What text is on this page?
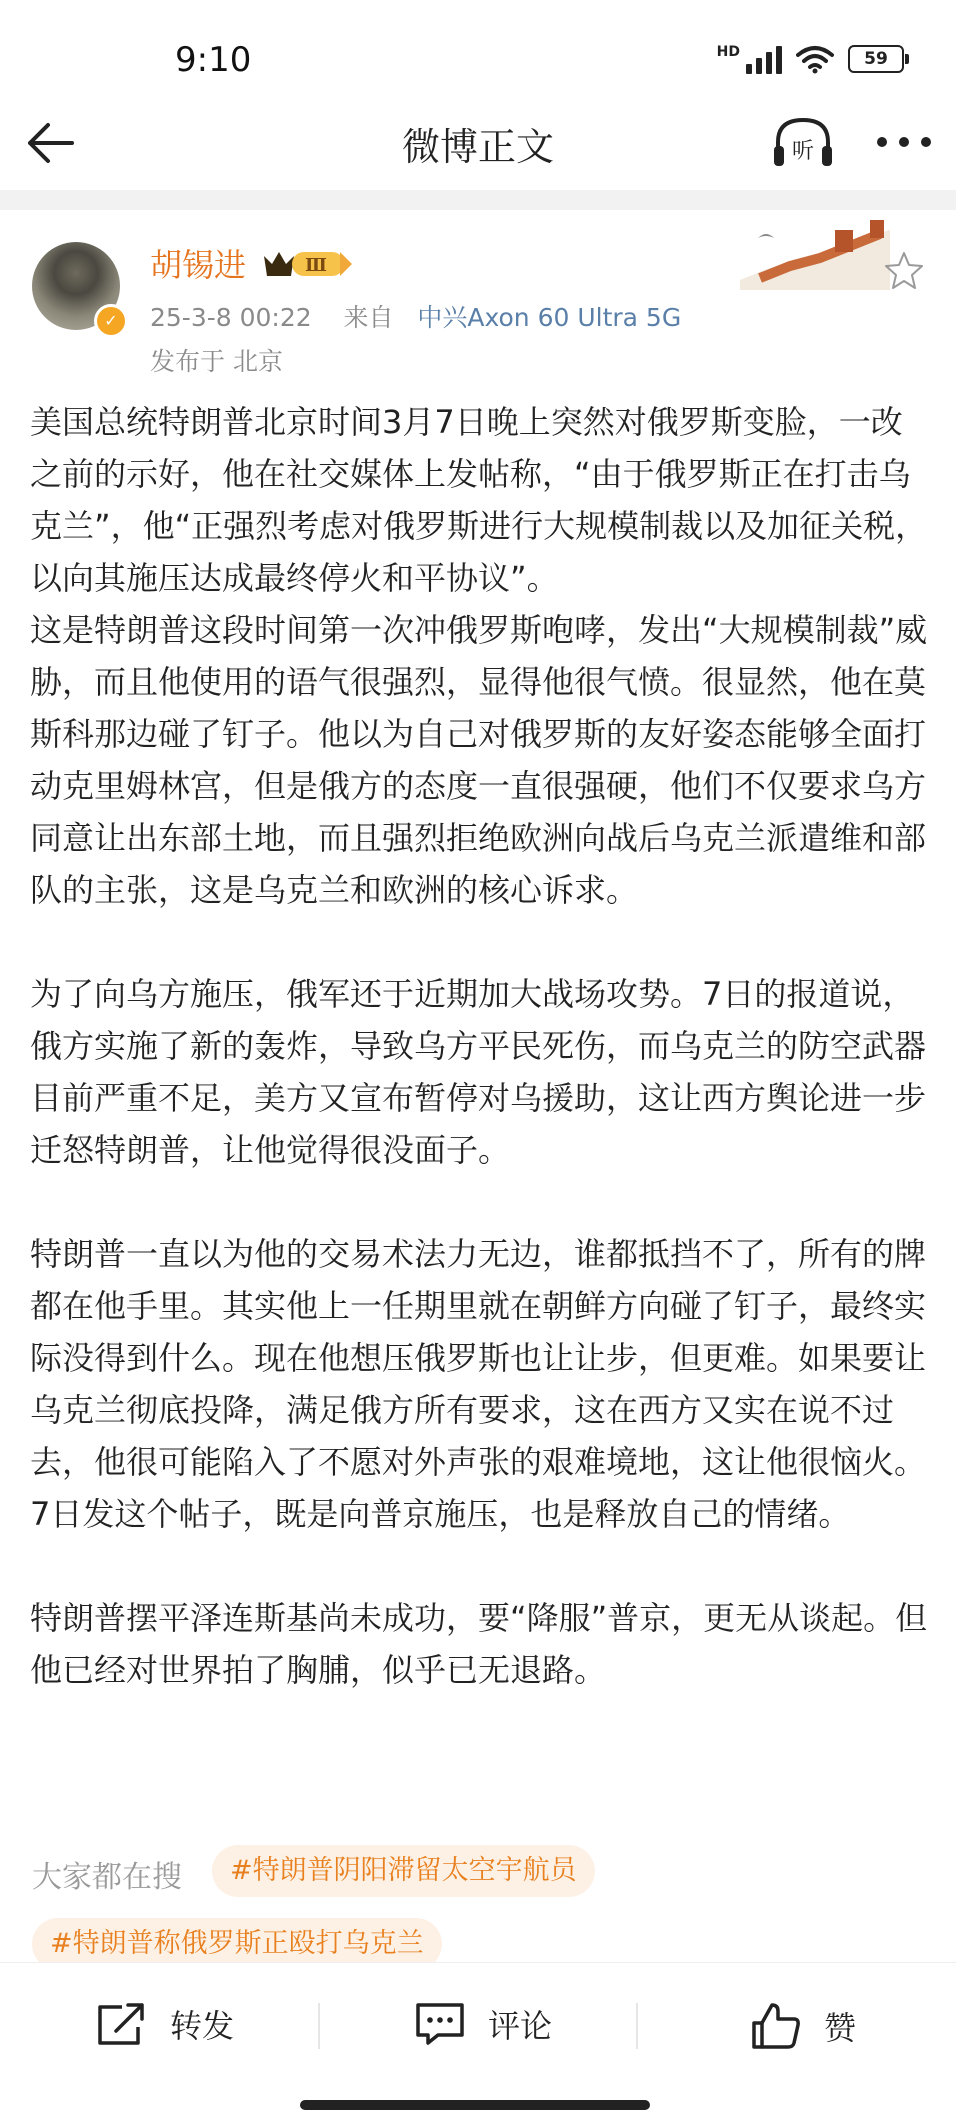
9:10	HD	59
微博正文	听
✓
胡锡进	Ⅲ
25-3-8 00:22 来自 中兴Axon 60 Ultra 5G
发布于 北京

美国总统特朗普北京时间3月7日晚上突然对俄罗斯变脸，一改之前的示好，他在社交媒体上发帖称，“由于俄罗斯正在打击乌克兰”，他“正强烈考虑对俄罗斯进行大规模制裁以及加征关税，以向其施压达成最终停火和平协议”。

这是特朗普这段时间第一次冲俄罗斯咆哮，发出“大规模制裁”威胁，而且他使用的语气很强烈，显得他很气愤。很显然，他在莫斯科那边碰了钉子。他以为自己对俄罗斯的友好姿态能够全面打动克里姆林宫，但是俄方的态度一直很强硬，他们不仅要求乌方同意让出东部土地，而且强烈拒绝欧洲向战后乌克兰派遣维和部队的主张，这是乌克兰和欧洲的核心诉求。

为了向乌方施压，俄军还于近期加大战场攻势。7日的报道说，俄方实施了新的轰炸，导致乌方平民死伤，而乌克兰的防空武器目前严重不足，美方又宣布暂停对乌援助，这让西方舆论进一步迁怒特朗普，让他觉得很没面子。

特朗普一直以为他的交易术法力无边，谁都抵挡不了，所有的牌都在他手里。其实他上一任期里就在朝鲜方向碰了钉子，最终实际没得到什么。现在他想压俄罗斯也让让步，但更难。如果要让乌克兰彻底投降，满足俄方所有要求，这在西方又实在说不过去，他很可能陷入了不愿对外声张的艰难境地，这让他很恼火。7日发这个帖子，既是向普京施压，也是释放自己的情绪。

特朗普摆平泽连斯基尚未成功，要“降服”普京，更无从谈起。但他已经对世界拍了胸脯，似乎已无退路。

大家都在搜	#特朗普阴阳滞留太空宇航员
#特朗普称俄罗斯正殴打乌克兰
转发	评论	赞
